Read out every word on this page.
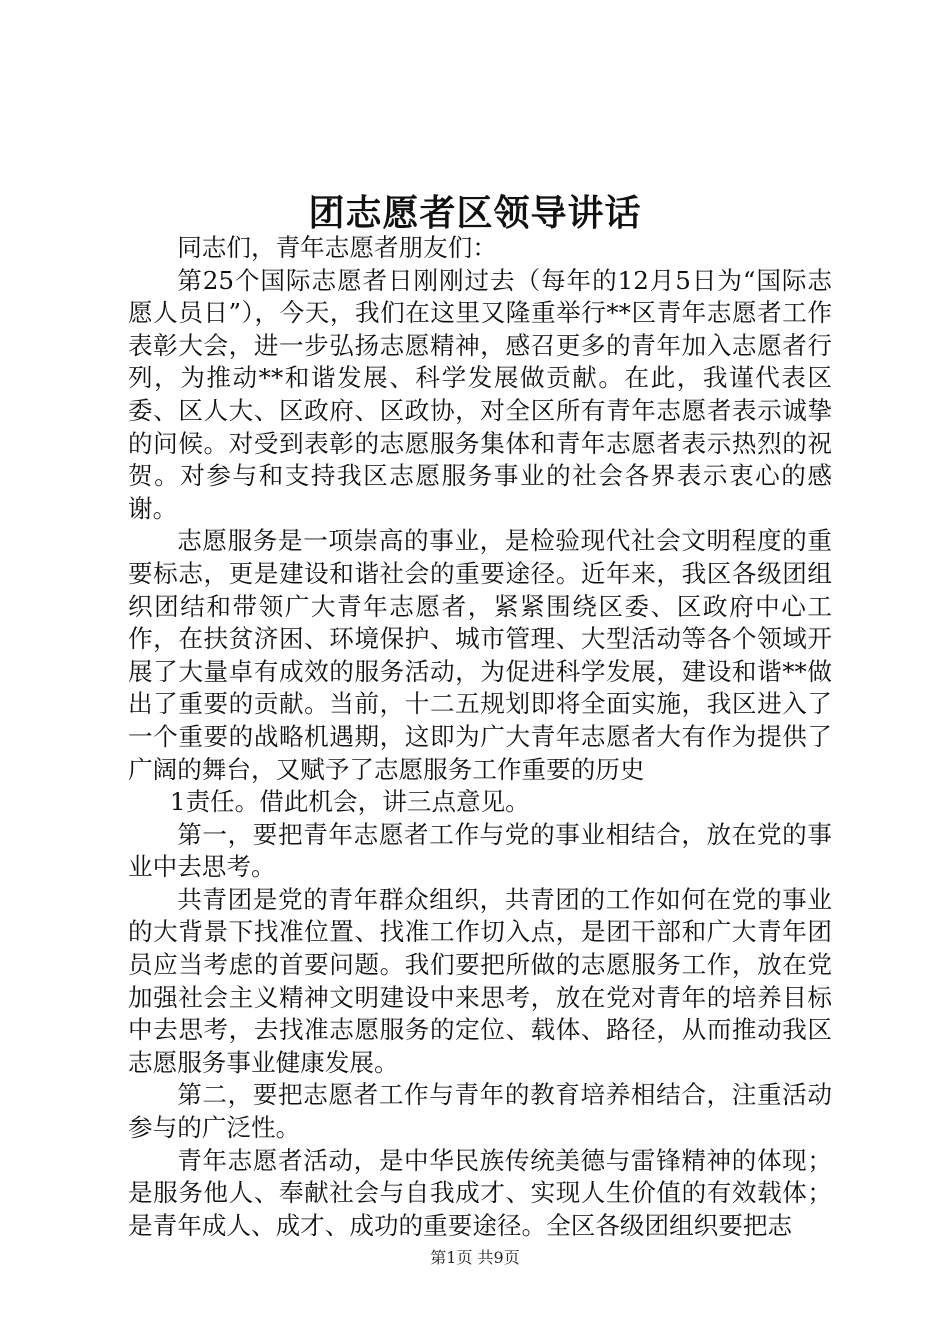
团志愿者区领导讲话

同志们，青年志愿者朋友们：

第25个国际志愿者日刚刚过去（每年的12月5日为“国际志愿人员日”），今天，我们在这里又隆重举行**区青年志愿者工作表彰大会，进一步弘扬志愿精神，感召更多的青年加入志愿者行列，为推动**和谐发展、科学发展做贡献。在此，我谨代表区委、区人大、区政府、区政协，对全区所有青年志愿者表示诚挚的问候。对受到表彰的志愿服务集体和青年志愿者表示热烈的祝贺。对参与和支持我区志愿服务事业的社会各界表示衷心的感谢。

志愿服务是一项崇高的事业，是检验现代社会文明程度的重要标志，更是建设和谐社会的重要途径。近年来，我区各级团组织团结和带领广大青年志愿者，紧紧围绕区委、区政府中心工作，在扶贫济困、环境保护、城市管理、大型活动等各个领域开展了大量卓有成效的服务活动，为促进科学发展，建设和谐**做出了重要的贡献。当前，十二五规划即将全面实施，我区进入了一个重要的战略机遇期，这即为广大青年志愿者大有作为提供了广阔的舞台，又赋予了志愿服务工作重要的历史

1责任。借此机会，讲三点意见。

第一，要把青年志愿者工作与党的事业相结合，放在党的事业中去思考。

共青团是党的青年群众组织，共青团的工作如何在党的事业的大背景下找准位置、找准工作切入点，是团干部和广大青年团员应当考虑的首要问题。我们要把所做的志愿服务工作，放在党加强社会主义精神文明建设中来思考，放在党对青年的培养目标中去思考，去找准志愿服务的定位、载体、路径，从而推动我区志愿服务事业健康发展。

第二，要把志愿者工作与青年的教育培养相结合，注重活动参与的广泛性。

青年志愿者活动，是中华民族传统美德与雷锋精神的体现；是服务他人、奉献社会与自我成才、实现人生价值的有效载体；是青年成人、成才、成功的重要途径。全区各级团组织要把志

第1页 共9页
